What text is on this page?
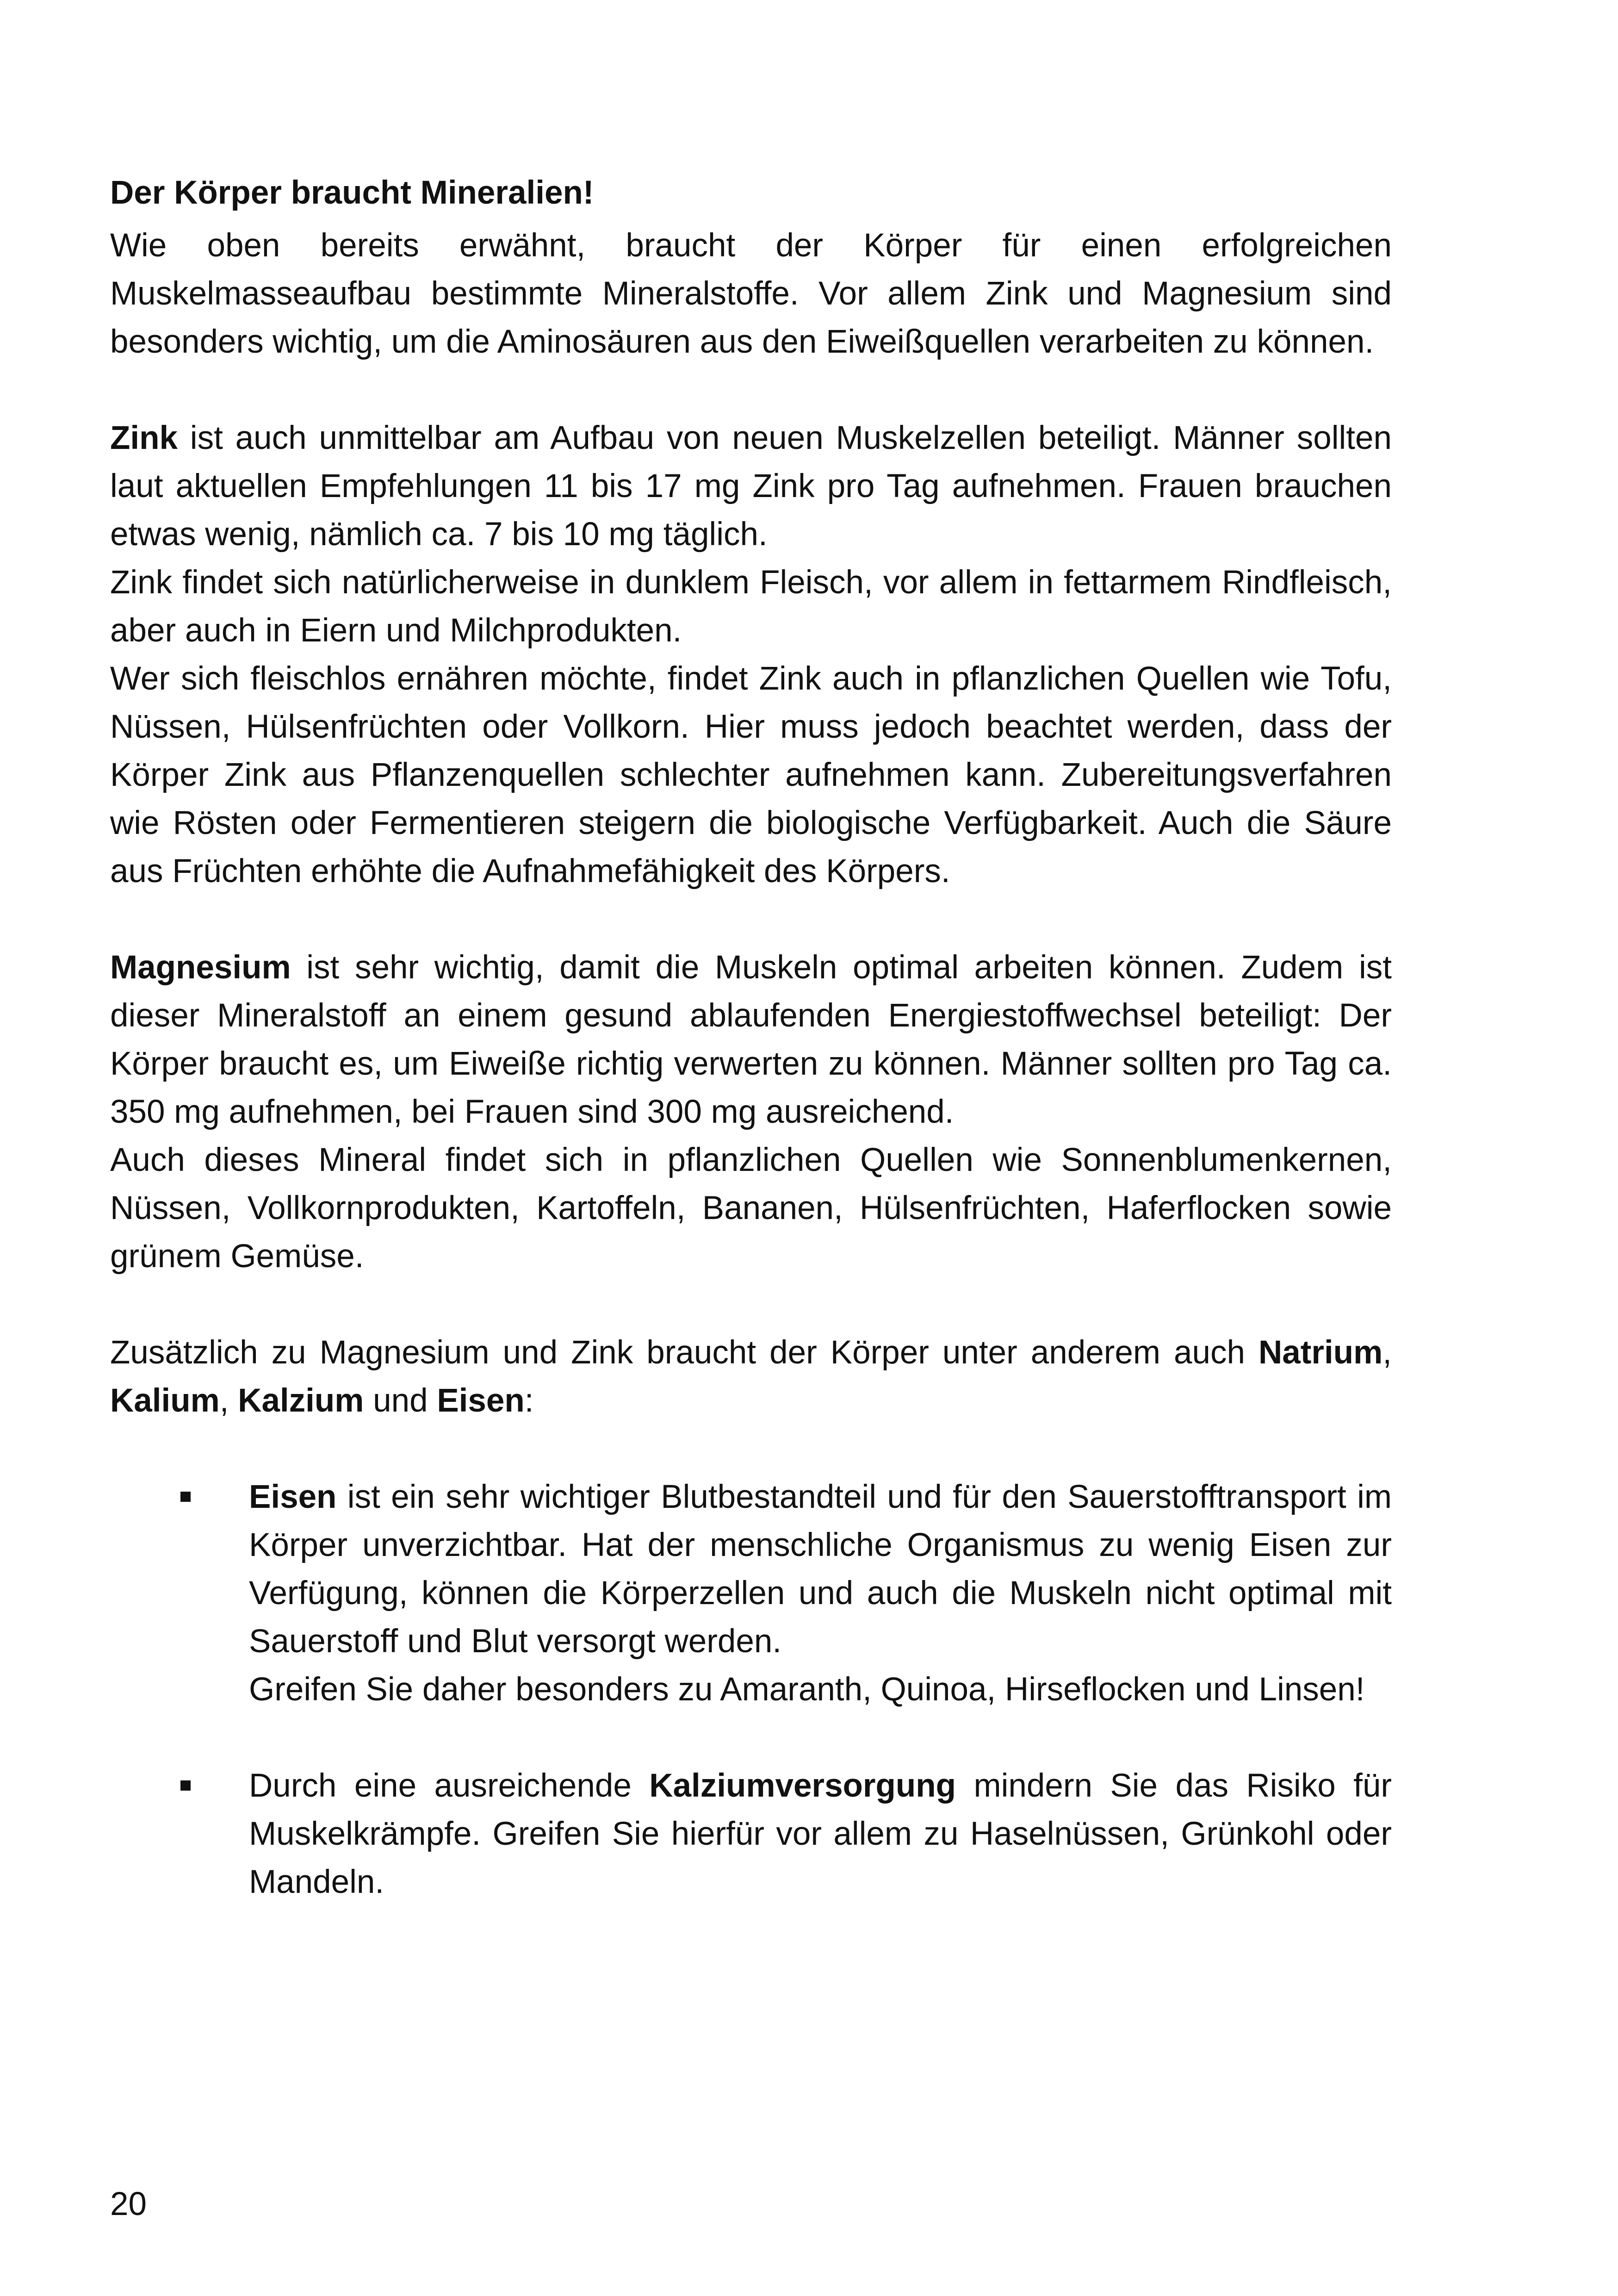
Der Körper braucht Mineralien!

Wie oben bereits erwähnt, braucht der Körper für einen erfolgreichen Muskelmasseaufbau bestimmte Mineralstoffe. Vor allem Zink und Magnesium sind besonders wichtig, um die Aminosäuren aus den Eiweißquellen verarbeiten zu können.

Zink ist auch unmittelbar am Aufbau von neuen Muskelzellen beteiligt. Männer sollten laut aktuellen Empfehlungen 11 bis 17 mg Zink pro Tag aufnehmen. Frauen brauchen etwas wenig, nämlich ca. 7 bis 10 mg täglich.

Zink findet sich natürlicherweise in dunklem Fleisch, vor allem in fettarmem Rindfleisch, aber auch in Eiern und Milchprodukten.

Wer sich fleischlos ernähren möchte, findet Zink auch in pflanzlichen Quellen wie Tofu, Nüssen, Hülsenfrüchten oder Vollkorn. Hier muss jedoch beachtet werden, dass der Körper Zink aus Pflanzenquellen schlechter aufnehmen kann. Zubereitungsverfahren wie Rösten oder Fermentieren steigern die biologische Verfügbarkeit. Auch die Säure aus Früchten erhöhte die Aufnahmefähigkeit des Körpers.

Magnesium ist sehr wichtig, damit die Muskeln optimal arbeiten können. Zudem ist dieser Mineralstoff an einem gesund ablaufenden Energiestoffwechsel beteiligt: Der Körper braucht es, um Eiweiße richtig verwerten zu können. Männer sollten pro Tag ca. 350 mg aufnehmen, bei Frauen sind 300 mg ausreichend.

Auch dieses Mineral findet sich in pflanzlichen Quellen wie Sonnenblumenkernen, Nüssen, Vollkornprodukten, Kartoffeln, Bananen, Hülsenfrüchten, Haferflocken sowie grünem Gemüse.

Zusätzlich zu Magnesium und Zink braucht der Körper unter anderem auch Natrium, Kalium, Kalzium und Eisen:

Eisen ist ein sehr wichtiger Blutbestandteil und für den Sauerstofftransport im Körper unverzichtbar. Hat der menschliche Organismus zu wenig Eisen zur Verfügung, können die Körperzellen und auch die Muskeln nicht optimal mit Sauerstoff und Blut versorgt werden.
Greifen Sie daher besonders zu Amaranth, Quinoa, Hirseflocken und Linsen!
Durch eine ausreichende Kalziumversorgung mindern Sie das Risiko für Muskelkrämpfe. Greifen Sie hierfür vor allem zu Haselnüssen, Grünkohl oder Mandeln.
20
